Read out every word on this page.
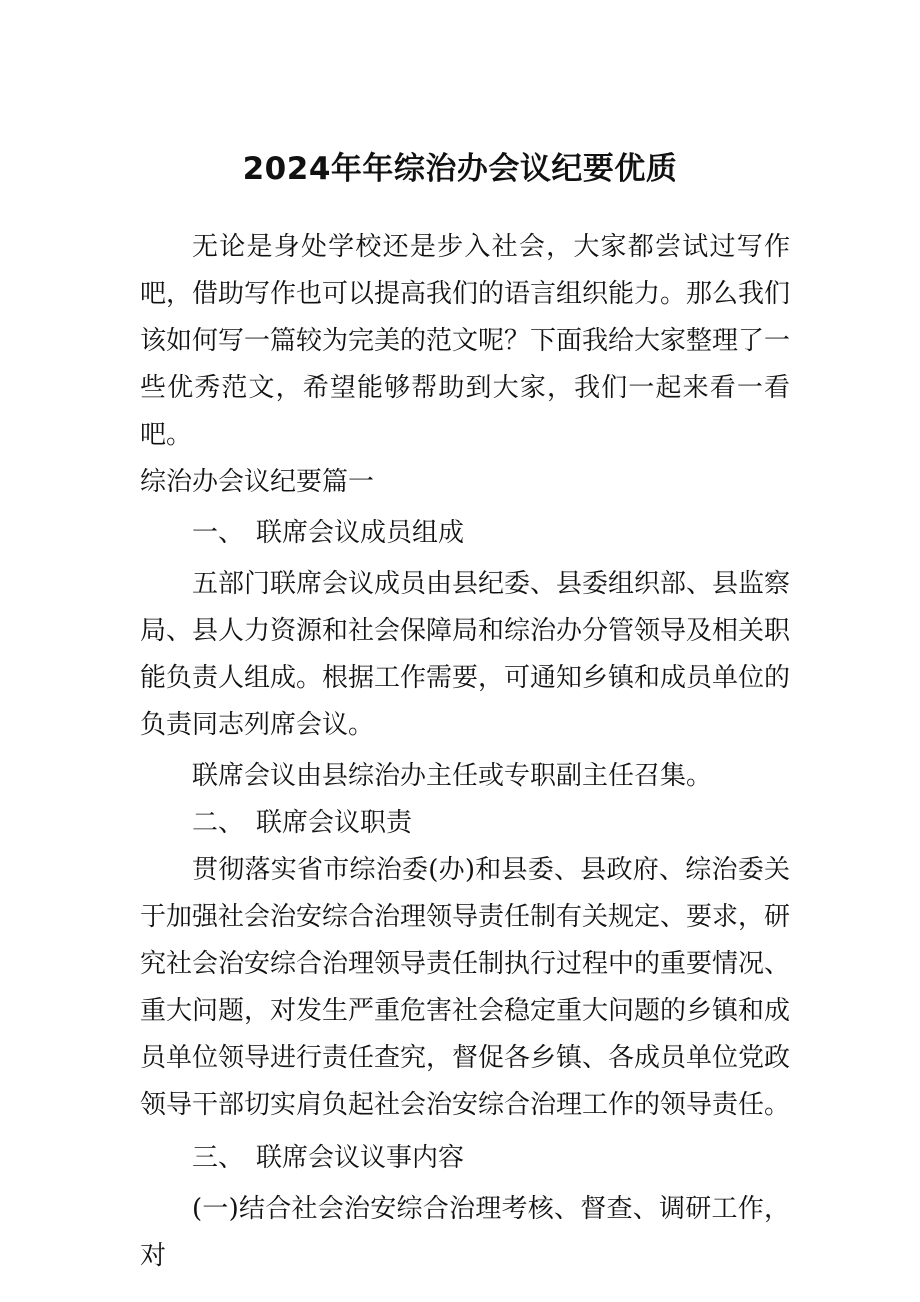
2024年年综治办会议纪要优质

无论是身处学校还是步入社会，大家都尝试过写作吧，借助写作也可以提高我们的语言组织能力。那么我们该如何写一篇较为完美的范文呢？下面我给大家整理了一些优秀范文，希望能够帮助到大家，我们一起来看一看吧。

综治办会议纪要篇一

一、 联席会议成员组成

五部门联席会议成员由县纪委、县委组织部、县监察局、县人力资源和社会保障局和综治办分管领导及相关职能负责人组成。根据工作需要，可通知乡镇和成员单位的负责同志列席会议。

联席会议由县综治办主任或专职副主任召集。

二、 联席会议职责

贯彻落实省市综治委(办)和县委、县政府、综治委关于加强社会治安综合治理领导责任制有关规定、要求，研究社会治安综合治理领导责任制执行过程中的重要情况、重大问题，对发生严重危害社会稳定重大问题的乡镇和成员单位领导进行责任查究，督促各乡镇、各成员单位党政领导干部切实肩负起社会治安综合治理工作的领导责任。

三、 联席会议议事内容

(一)结合社会治安综合治理考核、督查、调研工作，对
